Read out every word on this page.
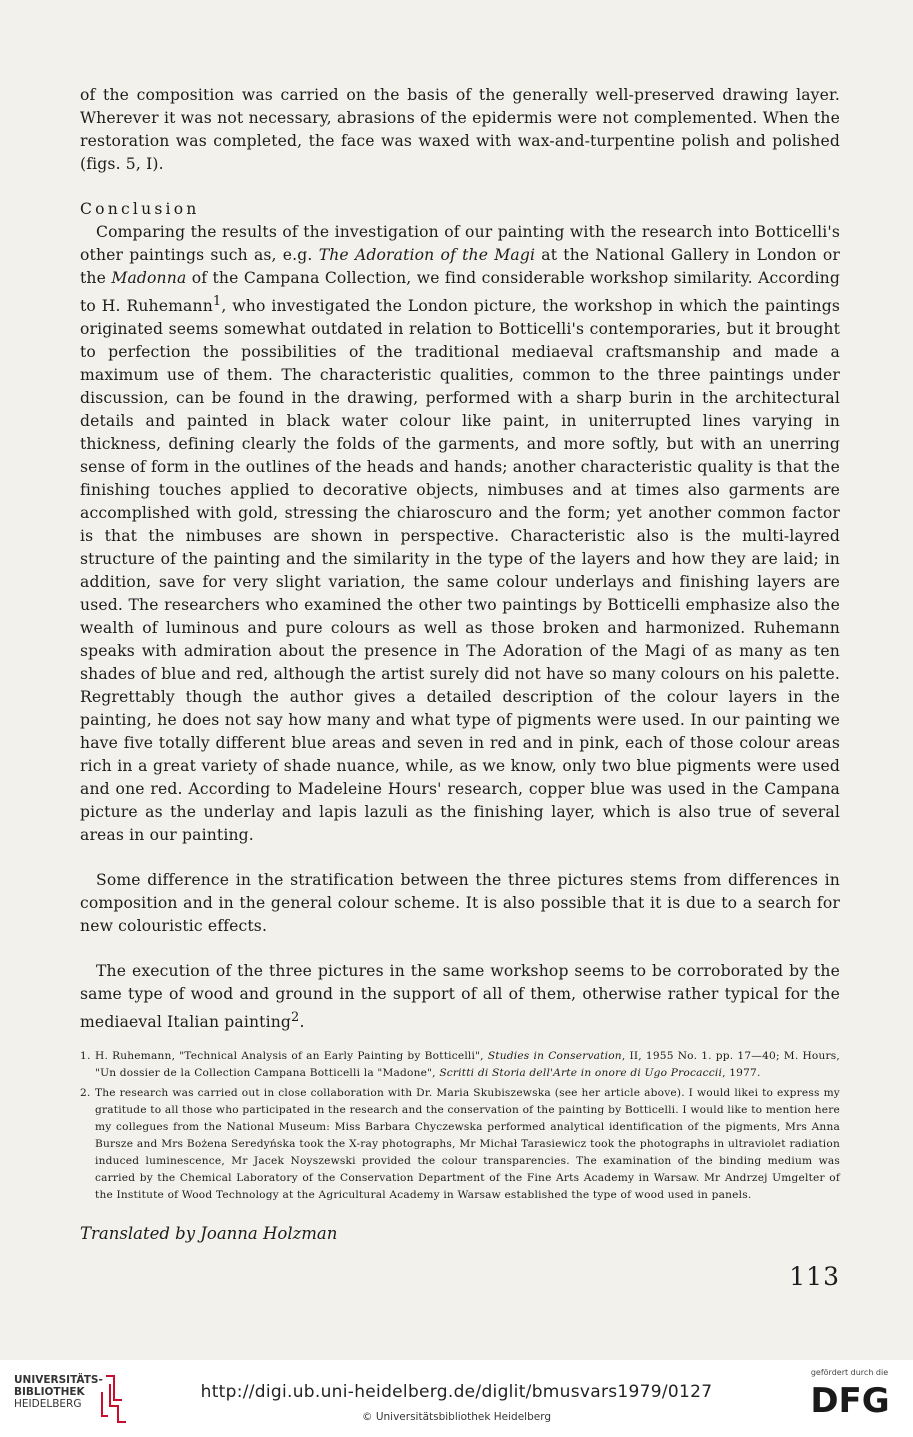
of the composition was carried on the basis of the generally well-preserved drawing layer. Wherever it was not necessary, abrasions of the epidermis were not complemented. When the restoration was completed, the face was waxed with wax-and-turpentine polish and polished (figs. 5, I).

Conclusion

Comparing the results of the investigation of our painting with the research into Botticelli's other paintings such as, e.g. The Adoration of the Magi at the National Gallery in London or the Madonna of the Campana Collection, we find considerable workshop similarity. According to H. Ruhemann$^1$, who investigated the London picture, the workshop in which the paintings originated seems somewhat outdated in relation to Botticelli's contemporaries, but it brought to perfection the possibilities of the traditional mediaeval craftsmanship and made a maximum use of them. The characteristic qualities, common to the three paintings under discussion, can be found in the drawing, performed with a sharp burin in the architectural details and painted in black water colour like paint, in uniterrupted lines varying in thickness, defining clearly the folds of the garments, and more softly, but with an unerring sense of form in the outlines of the heads and hands; another characteristic quality is that the finishing touches applied to decorative objects, nimbuses and at times also garments are accomplished with gold, stressing the chiaroscuro and the form; yet another common factor is that the nimbuses are shown in perspective. Characteristic also is the multi-layred structure of the painting and the similarity in the type of the layers and how they are laid; in addition, save for very slight variation, the same colour underlays and finishing layers are used. The researchers who examined the other two paintings by Botticelli emphasize also the wealth of luminous and pure colours as well as those broken and harmonized. Ruhemann speaks with admiration about the presence in The Adoration of the Magi of as many as ten shades of blue and red, although the artist surely did not have so many colours on his palette. Regrettably though the author gives a detailed description of the colour layers in the painting, he does not say how many and what type of pigments were used. In our painting we have five totally different blue areas and seven in red and in pink, each of those colour areas rich in a great variety of shade nuance, while, as we know, only two blue pigments were used and one red. According to Madeleine Hours' research, copper blue was used in the Campana picture as the underlay and lapis lazuli as the finishing layer, which is also true of several areas in our painting.

Some difference in the stratification between the three pictures stems from differences in composition and in the general colour scheme. It is also possible that it is due to a search for new colouristic effects.

The execution of the three pictures in the same workshop seems to be corroborated by the same type of wood and ground in the support of all of them, otherwise rather typical for the mediaeval Italian painting$^2$.

1. H. Ruhemann, "Technical Analysis of an Early Painting by Botticelli", Studies in Conservation, II, 1955 No. 1. pp. 17—40; M. Hours, "Un dossier de la Collection Campana Botticelli la "Madone", Scritti di Storia dell'Arte in onore di Ugo Procaccii, 1977.

2. The research was carried out in close collaboration with Dr. Maria Skubiszewska (see her article above). I would likei to express my gratitude to all those who participated in the research and the conservation of the painting by Botticelli. I would like to mention here my collegues from the National Museum: Miss Barbara Chyczewska performed analytical identification of the pigments, Mrs Anna Bursze and Mrs Bożena Seredyńska took the X-ray photographs, Mr Michał Tarasiewicz took the photographs in ultraviolet radiation induced luminescence, Mr Jacek Noyszewski provided the colour transparencies. The examination of the binding medium was carried by the Chemical Laboratory of the Conservation Department of the Fine Arts Academy in Warsaw. Mr Andrzej Umgelter of the Institute of Wood Technology at the Agricultural Academy in Warsaw established the type of wood used in panels.

Translated by Joanna Holzman

113
UNIVERSITÄTS-
BIBLIOTHEK
HEIDELBERG
http://digi.ub.uni-heidelberg.de/diglit/bmusvars1979/0127
© Universitätsbibliothek Heidelberg
gefördert durch die
DFG
